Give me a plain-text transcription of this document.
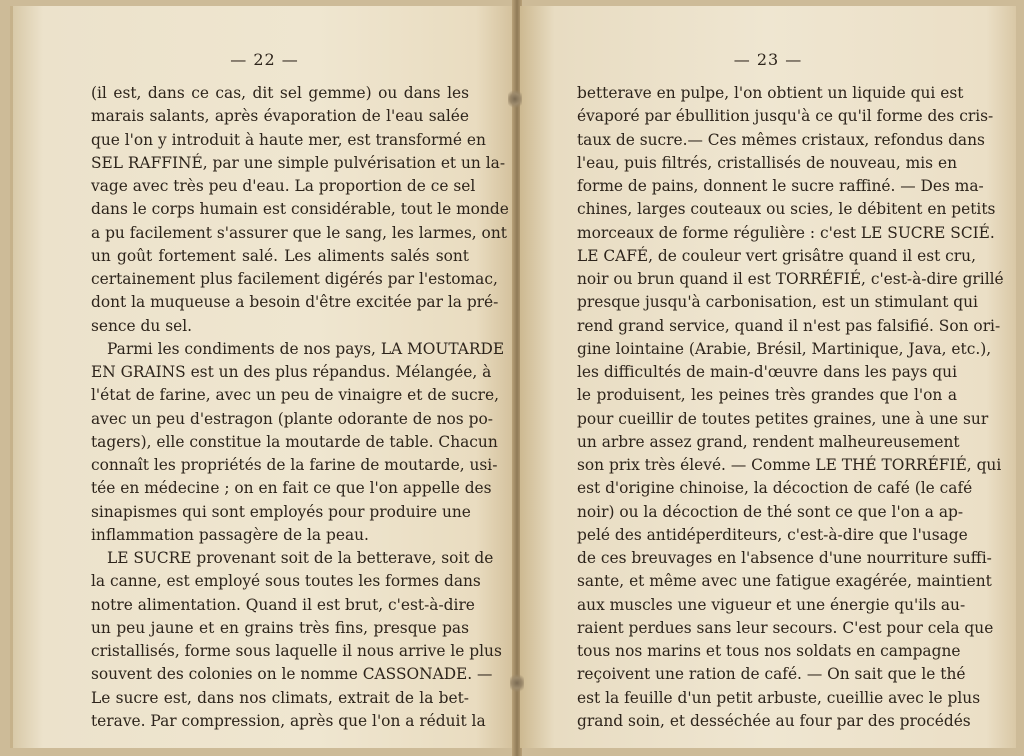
— 22 —
(il est, dans ce cas, dit sel gemme) ou dans les
marais salants, après évaporation de l'eau salée
que l'on y introduit à haute mer, est transformé en
SEL RAFFINÉ, par une simple pulvérisation et un la-
vage avec très peu d'eau. La proportion de ce sel
dans le corps humain est considérable, tout le monde
a pu facilement s'assurer que le sang, les larmes, ont
un goût fortement salé. Les aliments salés sont
certainement plus facilement digérés par l'estomac,
dont la muqueuse a besoin d'être excitée par la pré-
sence du sel.
Parmi les condiments de nos pays, LA MOUTARDE
EN GRAINS est un des plus répandus. Mélangée, à
l'état de farine, avec un peu de vinaigre et de sucre,
avec un peu d'estragon (plante odorante de nos po-
tagers), elle constitue la moutarde de table. Chacun
connaît les propriétés de la farine de moutarde, usi-
tée en médecine ; on en fait ce que l'on appelle des
sinapismes qui sont employés pour produire une
inflammation passagère de la peau.
LE SUCRE provenant soit de la betterave, soit de
la canne, est employé sous toutes les formes dans
notre alimentation. Quand il est brut, c'est-à-dire
un peu jaune et en grains très fins, presque pas
cristallisés, forme sous laquelle il nous arrive le plus
souvent des colonies on le nomme CASSONADE. —
Le sucre est, dans nos climats, extrait de la bet-
terave. Par compression, après que l'on a réduit la
— 23 —
betterave en pulpe, l'on obtient un liquide qui est
évaporé par ébullition jusqu'à ce qu'il forme des cris-
taux de sucre.— Ces mêmes cristaux, refondus dans
l'eau, puis filtrés, cristallisés de nouveau, mis en
forme de pains, donnent le sucre raffiné. — Des ma-
chines, larges couteaux ou scies, le débitent en petits
morceaux de forme régulière : c'est LE SUCRE SCIÉ.
LE CAFÉ, de couleur vert grisâtre quand il est cru,
noir ou brun quand il est TORRÉFIÉ, c'est-à-dire grillé
presque jusqu'à carbonisation, est un stimulant qui
rend grand service, quand il n'est pas falsifié. Son ori-
gine lointaine (Arabie, Brésil, Martinique, Java, etc.),
les difficultés de main-d'œuvre dans les pays qui
le produisent, les peines très grandes que l'on a
pour cueillir de toutes petites graines, une à une sur
un arbre assez grand, rendent malheureusement
son prix très élevé. — Comme LE THÉ TORRÉFIÉ, qui
est d'origine chinoise, la décoction de café (le café
noir) ou la décoction de thé sont ce que l'on a ap-
pelé des antidéperditeurs, c'est-à-dire que l'usage
de ces breuvages en l'absence d'une nourriture suffi-
sante, et même avec une fatigue exagérée, maintient
aux muscles une vigueur et une énergie qu'ils au-
raient perdues sans leur secours. C'est pour cela que
tous nos marins et tous nos soldats en campagne
reçoivent une ration de café. — On sait que le thé
est la feuille d'un petit arbuste, cueillie avec le plus
grand soin, et desséchée au four par des procédés
